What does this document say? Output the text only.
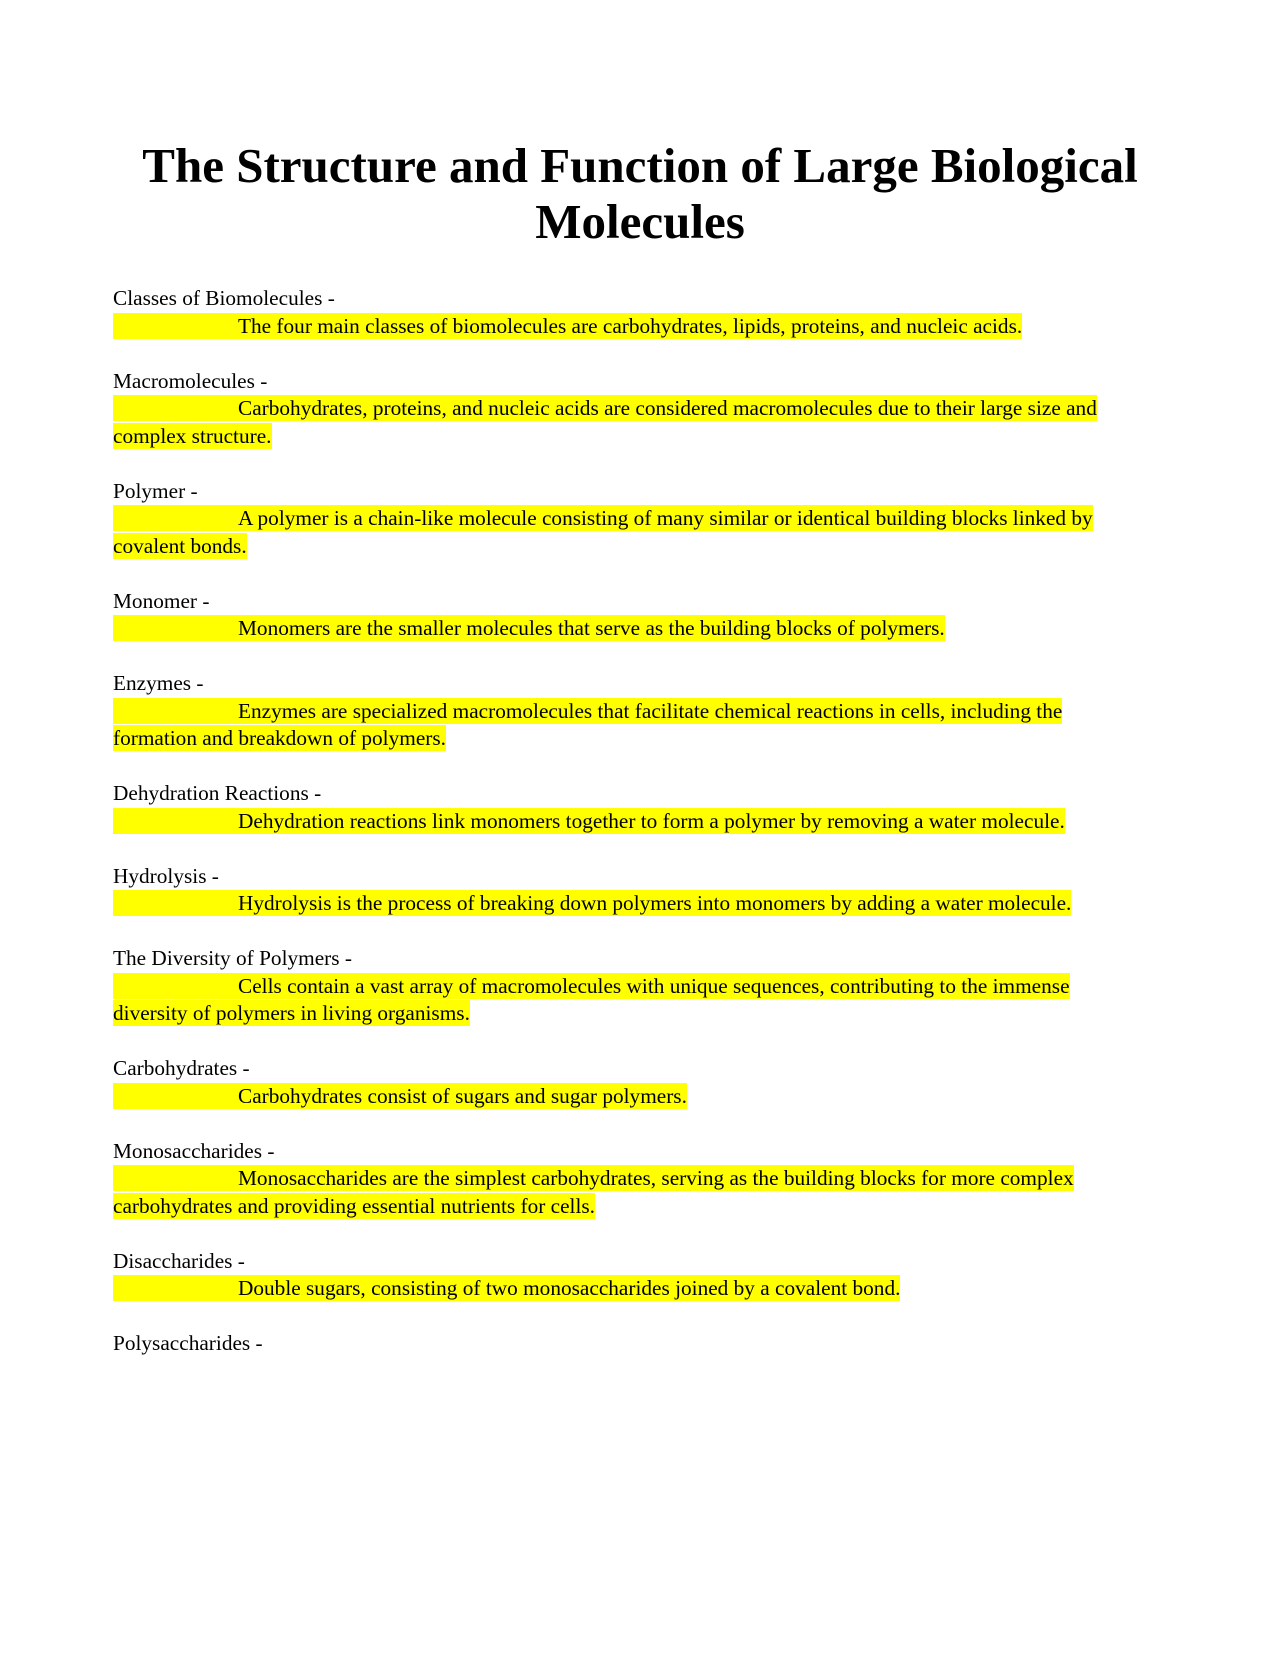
The Structure and Function of Large Biological Molecules
Classes of Biomolecules -
The four main classes of biomolecules are carbohydrates, lipids, proteins, and nucleic acids.
Macromolecules -
Carbohydrates, proteins, and nucleic acids are considered macromolecules due to their large size and complex structure.
Polymer -
A polymer is a chain-like molecule consisting of many similar or identical building blocks linked by covalent bonds.
Monomer -
Monomers are the smaller molecules that serve as the building blocks of polymers.
Enzymes -
Enzymes are specialized macromolecules that facilitate chemical reactions in cells, including the formation and breakdown of polymers.
Dehydration Reactions -
Dehydration reactions link monomers together to form a polymer by removing a water molecule.
Hydrolysis -
Hydrolysis is the process of breaking down polymers into monomers by adding a water molecule.
The Diversity of Polymers -
Cells contain a vast array of macromolecules with unique sequences, contributing to the immense diversity of polymers in living organisms.
Carbohydrates -
Carbohydrates consist of sugars and sugar polymers.
Monosaccharides -
Monosaccharides are the simplest carbohydrates, serving as the building blocks for more complex carbohydrates and providing essential nutrients for cells.
Disaccharides -
Double sugars, consisting of two monosaccharides joined by a covalent bond.
Polysaccharides -
